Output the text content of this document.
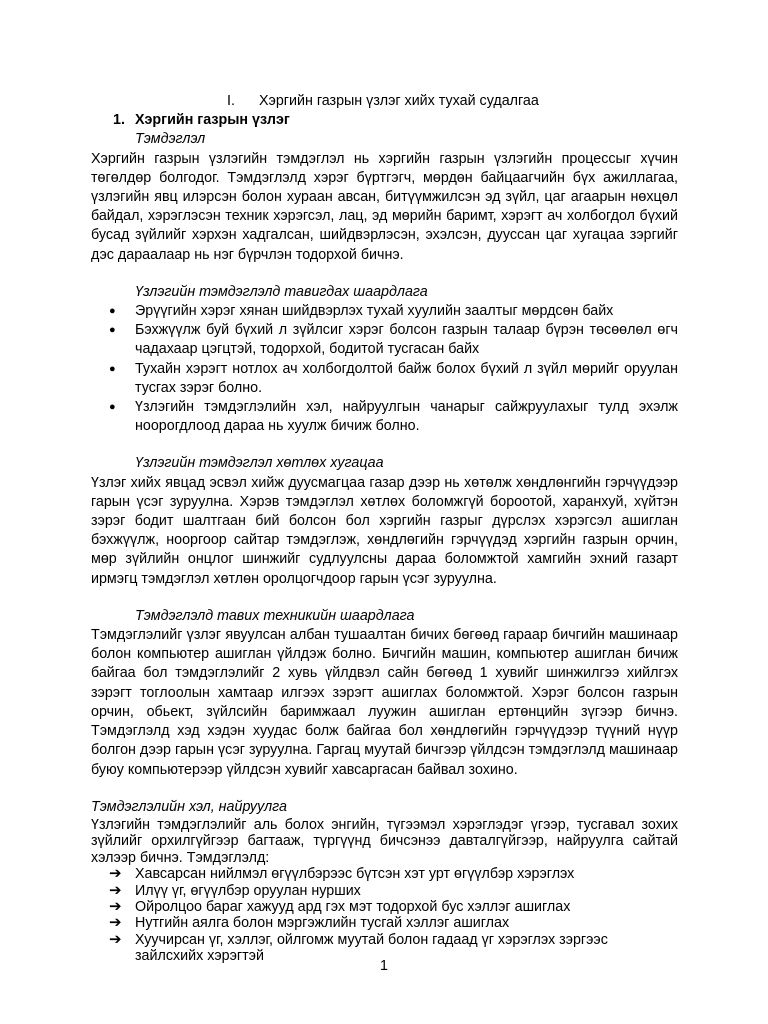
I. Хэргийн газрын үзлэг хийх тухай судалгаа
1. Хэргийн газрын үзлэг
Тэмдэглэл

Хэргийн газрын үзлэгийн тэмдэглэл нь хэргийн газрын үзлэгийн процессыг хүчин төгөлдөр болгодог. Тэмдэглэлд хэрэг бүртгэгч, мөрдөн байцаагчийн бүх ажиллагаа, үзлэгийн явц илэрсэн болон хураан авсан, битүүмжилсэн эд зүйл, цаг агаарын нөхцөл байдал, хэрэглэсэн техник хэрэгсэл, лац, эд мөрийн баримт, хэрэгт ач холбогдол бүхий бусад зүйлийг хэрхэн хадгалсан, шийдвэрлэсэн, эхэлсэн, дууссан цаг хугацаа зэргийг дэс дараалаар нь нэг бүрчлэн тодорхой бичнэ.

Үзлэгийн тэмдэглэлд тавигдах шаардлага
● Эрүүгийн хэрэг хянан шийдвэрлэх тухай хуулийн заалтыг мөрдсөн байх
● Бэхжүүлж буй бүхий л зүйлсиг хэрэг болсон газрын талаар бүрэн төсөөлөл өгч чадахаар цэгцтэй, тодорхой, бодитой тусгасан байх
● Тухайн хэрэгт нотлох ач холбогдолтой байж болох бүхий л зүйл мөрийг оруулан тусгах зэрэг болно.
● Үзлэгийн тэмдэглэлийн хэл, найруулгын чанарыг сайжруулахыг тулд эхэлж ноорогдлоод дараа нь хуулж бичиж болно.
Үзлэгийн тэмдэглэл хөтлөх хугацаа

Үзлэг хийх явцад эсвэл хийж дуусмагцаа газар дээр нь хөтөлж хөндлөнгийн гэрчүүдээр гарын үсэг зуруулна. Хэрэв тэмдэглэл хөтлөх боломжгүй бороотой, харанхуй, хүйтэн зэрэг бодит шалтгаан бий болсон бол хэргийн газрыг дүрслэх хэрэгсэл ашиглан бэхжүүлж, нооргоор сайтар тэмдэглэж, хөндлөгийн гэрчүүдэд хэргийн газрын орчин, мөр зүйлийн онцлог шинжийг судлуулсны дараа боломжтой хамгийн эхний газарт ирмэгц тэмдэглэл хөтлөн оролцогчдоор гарын үсэг зуруулна.

Тэмдэглэлд тавих техникийн шаардлага

Тэмдэглэлийг үзлэг явуулсан албан тушаалтан бичих бөгөөд гараар бичгийн машинаар болон компьютер ашиглан үйлдэж болно. Бичгийн машин, компьютер ашиглан бичиж байгаа бол тэмдэглэлийг 2 хувь үйлдвэл сайн бөгөөд 1 хувийг шинжилгээ хийлгэх зэрэгт тоглоолын хамтаар илгээх зэрэгт ашиглах боломжтой. Хэрэг болсон газрын орчин, обьект, зүйлсийн баримжаал луужин ашиглан ертөнцийн зүгээр бичнэ. Тэмдэглэлд хэд хэдэн хуудас болж байгаа бол хөндлөгийн гэрчүүдээр түүний нүүр болгон дээр гарын үсэг зуруулна. Гаргац муутай бичгээр үйлдсэн тэмдэглэлд машинаар буюу компьютерээр үйлдсэн хувийг хавсаргасан байвал зохино.

Тэмдэглэлийн хэл, найруулга

Үзлэгийн тэмдэглэлийг аль болох энгийн, түгээмэл хэрэглэдэг үгээр, тусгавал зохих зүйлийг орхилгүйгээр багтааж, түргүүнд бичсэнээ давталгүйгээр, найруулга сайтай хэлээр бичнэ. Тэмдэглэлд:

➔ Хавсарсан нийлмэл өгүүлбэрээс бүтсэн хэт урт өгүүлбэр хэрэглэх
➔ Илүү үг, өгүүлбэр оруулан нурших
➔ Ойролцоо бараг хажууд ард гэх мэт тодорхой бус хэллэг ашиглах
➔ Нутгийн аялга болон мэргэжлийн тусгай хэллэг ашиглах
➔ Хуучирсан үг, хэллэг, ойлгомж муутай болон гадаад үг хэрэглэх зэргээс зайлсхийх хэрэгтэй
1
